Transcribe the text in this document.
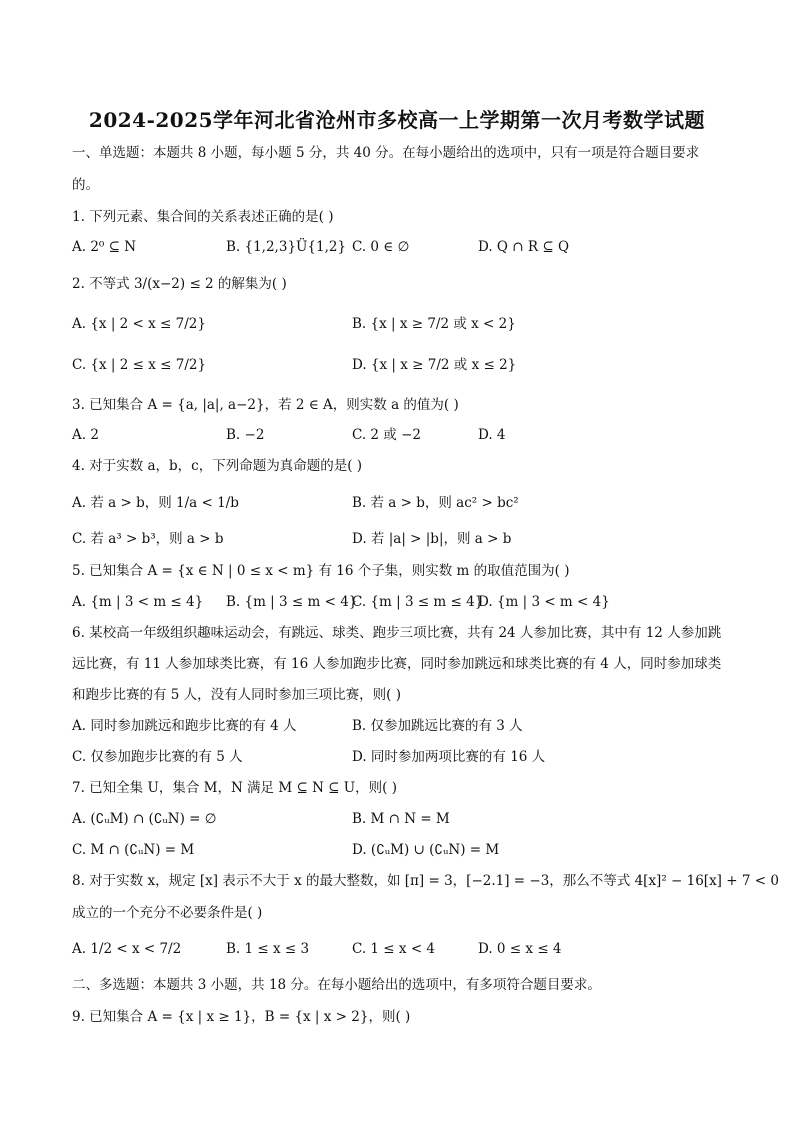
2024-2025学年河北省沧州市多校高一上学期第一次月考数学试题
一、单选题：本题共 8 小题，每小题 5 分，共 40 分。在每小题给出的选项中，只有一项是符合题目要求
的。
1. 下列元素、集合间的关系表述正确的是( )
A. 2⁰ ⊆ N	B. {1,2,3}Ü{1,2} C. 0 ∈ ∅	D. Q ∩ R ⊆ Q
2. 不等式 3/(x−2) ≤ 2 的解集为( )
A. {x | 2 < x ≤ 7/2}	B. {x | x ≥ 7/2 或 x < 2}
C. {x | 2 ≤ x ≤ 7/2}	D. {x | x ≥ 7/2 或 x ≤ 2}
3. 已知集合 A = {a, |a|, a−2}，若 2 ∈ A，则实数 a 的值为( )
A. 2	B. −2	C. 2 或 −2	D. 4
4. 对于实数 a，b，c，下列命题为真命题的是( )
A. 若 a > b，则 1/a < 1/b	B. 若 a > b，则 ac² > bc²
C. 若 a³ > b³，则 a > b	D. 若 |a| > |b|，则 a > b
5. 已知集合 A = {x ∈ N | 0 ≤ x < m} 有 16 个子集，则实数 m 的取值范围为( )
A. {m | 3 < m ≤ 4} B. {m | 3 ≤ m < 4}
C. {m | 3 ≤ m ≤ 4}
D. {m | 3 < m < 4}
6. 某校高一年级组织趣味运动会，有跳远、球类、跑步三项比赛，共有 24 人参加比赛，其中有 12 人参加跳
远比赛，有 11 人参加球类比赛，有 16 人参加跑步比赛，同时参加跳远和球类比赛的有 4 人，同时参加球类
和跑步比赛的有 5 人，没有人同时参加三项比赛，则( )
A. 同时参加跳远和跑步比赛的有 4 人	B. 仅参加跳远比赛的有 3 人
C. 仅参加跑步比赛的有 5 人	D. 同时参加两项比赛的有 16 人
7. 已知全集 U，集合 M，N 满足 M ⊆ N ⊆ U，则( )
A. (∁ᵤM) ∩ (∁ᵤN) = ∅	B. M ∩ N = M
C. M ∩ (∁ᵤN) = M	D. (∁ᵤM) ∪ (∁ᵤN) = M
8. 对于实数 x，规定 [x] 表示不大于 x 的最大整数，如 [π] = 3，[−2.1] = −3，那么不等式 4[x]² − 16[x] + 7 < 0
成立的一个充分不必要条件是( )
A. 1/2 < x < 7/2	B. 1 ≤ x ≤ 3	C. 1 ≤ x < 4	D. 0 ≤ x ≤ 4
二、多选题：本题共 3 小题，共 18 分。在每小题给出的选项中，有多项符合题目要求。
9. 已知集合 A = {x | x ≥ 1}，B = {x | x > 2}，则( )
